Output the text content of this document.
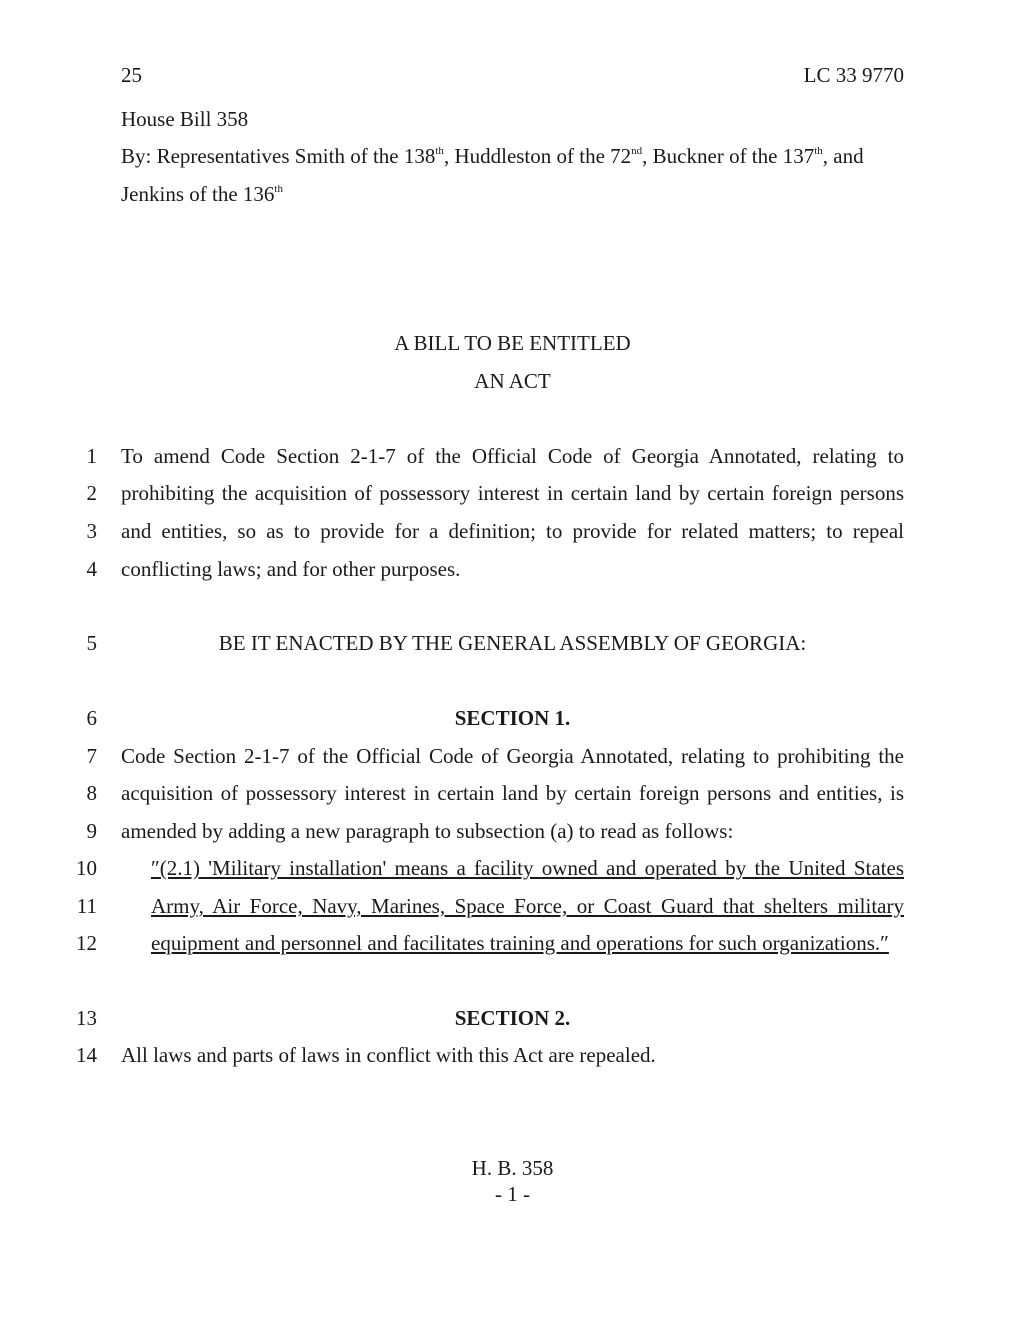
25	LC 33 9770
House Bill 358
By: Representatives Smith of the 138th, Huddleston of the 72nd, Buckner of the 137th, and
Jenkins of the 136th
A BILL TO BE ENTITLED
AN ACT
1 To amend Code Section 2-1-7 of the Official Code of Georgia Annotated, relating to
2 prohibiting the acquisition of possessory interest in certain land by certain foreign persons
3 and entities, so as to provide for a definition; to provide for related matters; to repeal
4 conflicting laws; and for other purposes.
5	BE IT ENACTED BY THE GENERAL ASSEMBLY OF GEORGIA:
6	SECTION 1.
7 Code Section 2-1-7 of the Official Code of Georgia Annotated, relating to prohibiting the
8 acquisition of possessory interest in certain land by certain foreign persons and entities, is
9 amended by adding a new paragraph to subsection (a) to read as follows:
10	″(2.1) 'Military installation' means a facility owned and operated by the United States
11	Army, Air Force, Navy, Marines, Space Force, or Coast Guard that shelters military
12	equipment and personnel and facilitates training and operations for such organizations.″
13	SECTION 2.
14 All laws and parts of laws in conflict with this Act are repealed.
H. B. 358
- 1 -
